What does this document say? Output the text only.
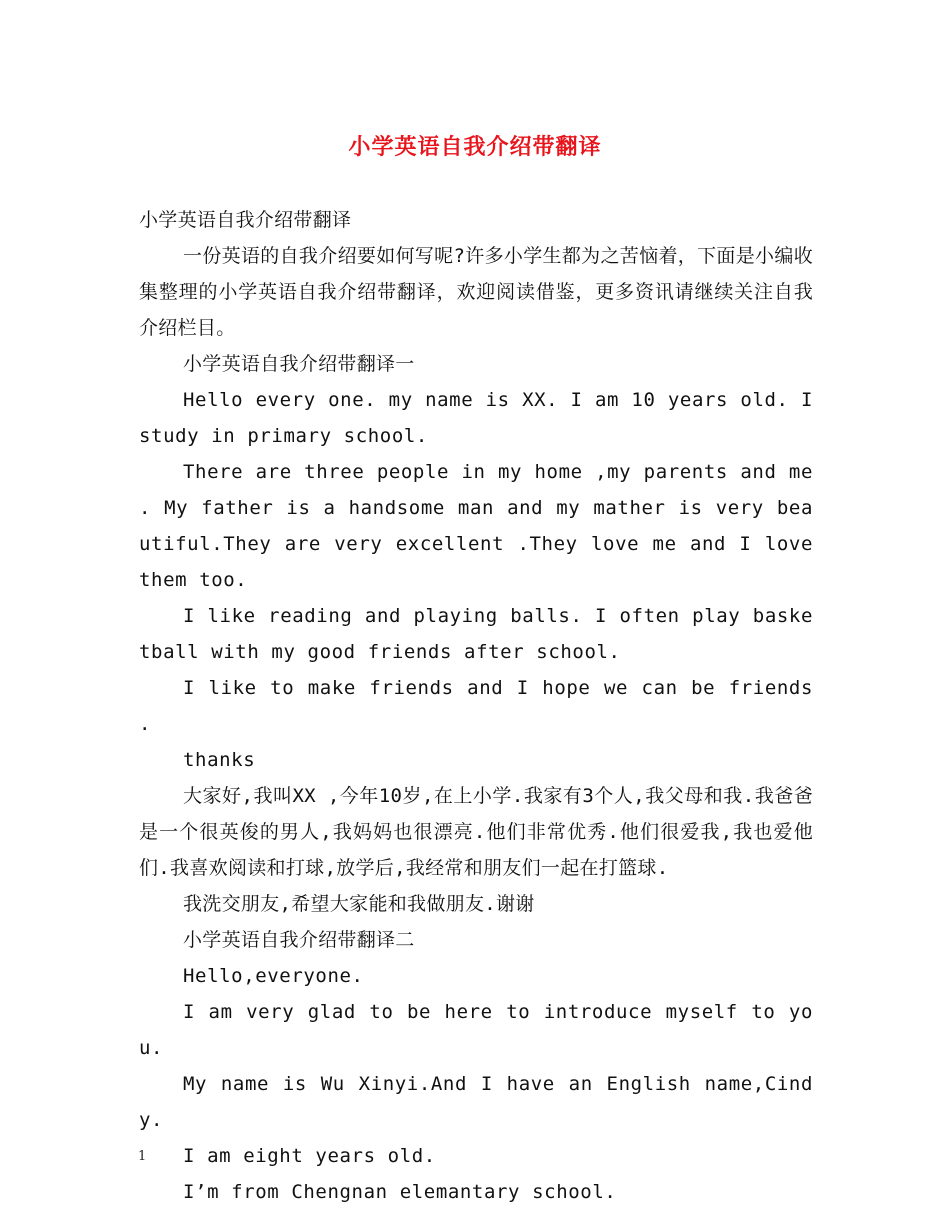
小学英语自我介绍带翻译

小学英语自我介绍带翻译

一份英语的自我介绍要如何写呢?许多小学生都为之苦恼着，下面是小编收集整理的小学英语自我介绍带翻译，欢迎阅读借鉴，更多资讯请继续关注自我介绍栏目。

小学英语自我介绍带翻译一

Hello every one. my name is XX. I am 10 years old. I study in primary school.

There are three people in my home ,my parents and me . My father is a handsome man and my mather is very beautiful.They are very excellent .They love me and I love them too.

I like reading and playing balls. I often play basketball with my good friends after school.

I like to make friends and I hope we can be friends .

thanks

大家好,我叫XX ,今年10岁,在上小学.我家有3个人,我父母和我.我爸爸是一个很英俊的男人,我妈妈也很漂亮.他们非常优秀.他们很爱我,我也爱他们.我喜欢阅读和打球,放学后,我经常和朋友们一起在打篮球.

我洗交朋友,希望大家能和我做朋友.谢谢

小学英语自我介绍带翻译二

Hello,everyone.

I am very glad to be here to introduce myself to you.

My name is Wu Xinyi.And I have an English name,Cindy.

I am eight years old.

I’m from Chengnan elemantary school.

1
